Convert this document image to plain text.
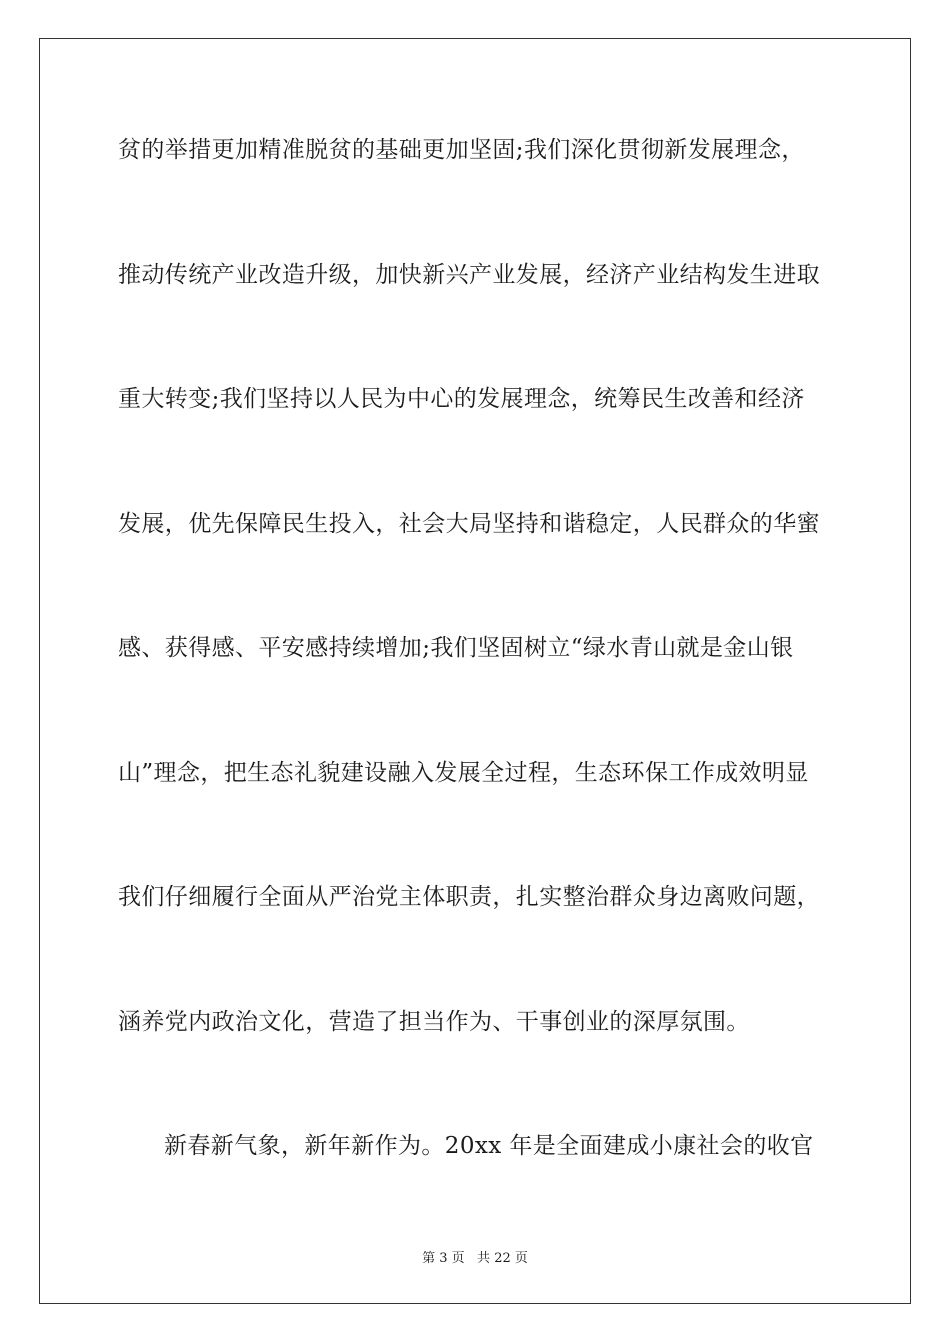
贫的举措更加精准脱贫的基础更加坚固;我们深化贯彻新发展理念，
推动传统产业改造升级，加快新兴产业发展，经济产业结构发生进取
重大转变;我们坚持以人民为中心的发展理念，统筹民生改善和经济
发展，优先保障民生投入，社会大局坚持和谐稳定，人民群众的华蜜
感、获得感、平安感持续增加;我们坚固树立“绿水青山就是金山银
山”理念，把生态礼貌建设融入发展全过程，生态环保工作成效明显
我们仔细履行全面从严治党主体职责，扎实整治群众身边离败问题，
涵养党内政治文化，营造了担当作为、干事创业的深厚氛围。
新春新气象，新年新作为。20xx 年是全面建成小康社会的收官
第 3 页   共 22 页
